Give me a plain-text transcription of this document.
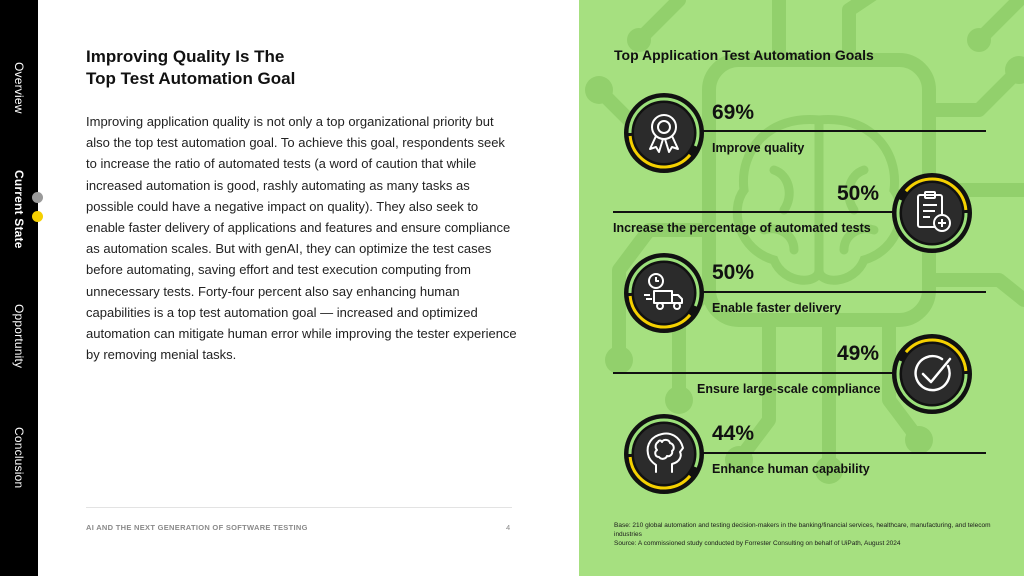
Overview
Current State
Opportunity
Conclusion
Improving Quality Is The
Top Test Automation Goal

Improving application quality is not only a top organizational priority but also the top test automation goal. To achieve this goal, respondents seek to increase the ratio of automated tests (a word of caution that while increased automation is good, rashly automating as many tasks as possible could have a negative impact on quality). They also seek to enable faster delivery of applications and features and ensure compliance as automation scales. But with genAI, they can optimize the test cases before automating, saving effort and test execution computing from unnecessary tests. Forty-four percent also say enhancing human capabilities is a top test automation goal — increased and optimized automation can mitigate human error while improving the tester experience by removing menial tasks.

AI AND THE NEXT GENERATION OF SOFTWARE TESTING	4
Top Application Test Automation Goals
69%
Improve quality
50%
Increase the percentage of automated tests
50%
Enable faster delivery
49%
Ensure large-scale compliance
44%
Enhance human capability
Base: 210 global automation and testing decision-makers in the banking/financial services, healthcare, manufacturing, and telecom industries
Source: A commissioned study conducted by Forrester Consulting on behalf of UiPath, August 2024
